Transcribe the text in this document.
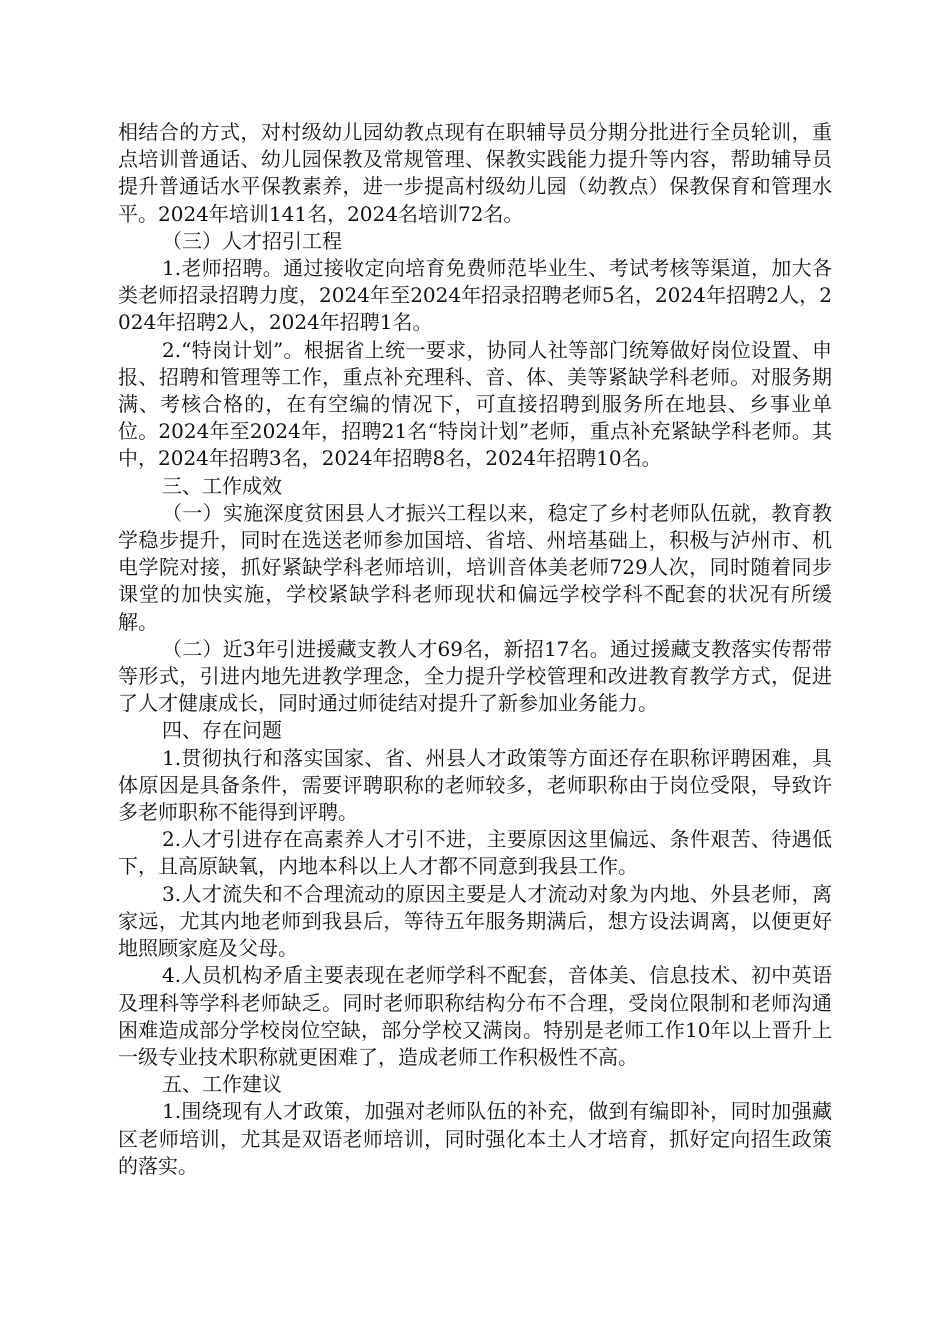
相结合的方式，对村级幼儿园幼教点现有在职辅导员分期分批进行全员轮训，重点培训普通话、幼儿园保教及常规管理、保教实践能力提升等内容，帮助辅导员提升普通话水平保教素养，进一步提高村级幼儿园（幼教点）保教保育和管理水平。2024年培训141名，2024名培训72名。

（三）人才招引工程

1.老师招聘。通过接收定向培育免费师范毕业生、考试考核等渠道，加大各类老师招录招聘力度，2024年至2024年招录招聘老师5名，2024年招聘2人，2024年招聘2人，2024年招聘1名。

2.“特岗计划”。根据省上统一要求，协同人社等部门统筹做好岗位设置、申报、招聘和管理等工作，重点补充理科、音、体、美等紧缺学科老师。对服务期满、考核合格的，在有空编的情况下，可直接招聘到服务所在地县、乡事业单位。2024年至2024年，招聘21名“特岗计划”老师，重点补充紧缺学科老师。其中，2024年招聘3名，2024年招聘8名，2024年招聘10名。

三、工作成效

（一）实施深度贫困县人才振兴工程以来，稳定了乡村老师队伍就，教育教学稳步提升，同时在选送老师参加国培、省培、州培基础上，积极与泸州市、机电学院对接，抓好紧缺学科老师培训，培训音体美老师729人次，同时随着同步课堂的加快实施，学校紧缺学科老师现状和偏远学校学科不配套的状况有所缓解。

（二）近3年引进援藏支教人才69名，新招17名。通过援藏支教落实传帮带等形式，引进内地先进教学理念，全力提升学校管理和改进教育教学方式，促进了人才健康成长，同时通过师徒结对提升了新参加业务能力。

四、存在问题

1.贯彻执行和落实国家、省、州县人才政策等方面还存在职称评聘困难，具体原因是具备条件，需要评聘职称的老师较多，老师职称由于岗位受限，导致许多老师职称不能得到评聘。

2.人才引进存在高素养人才引不进，主要原因这里偏远、条件艰苦、待遇低下，且高原缺氧，内地本科以上人才都不同意到我县工作。

3.人才流失和不合理流动的原因主要是人才流动对象为内地、外县老师，离家远，尤其内地老师到我县后，等待五年服务期满后，想方设法调离，以便更好地照顾家庭及父母。

4.人员机构矛盾主要表现在老师学科不配套，音体美、信息技术、初中英语及理科等学科老师缺乏。同时老师职称结构分布不合理，受岗位限制和老师沟通困难造成部分学校岗位空缺，部分学校又满岗。特别是老师工作10年以上晋升上一级专业技术职称就更困难了，造成老师工作积极性不高。

五、工作建议

1.围绕现有人才政策，加强对老师队伍的补充，做到有编即补，同时加强藏区老师培训，尤其是双语老师培训，同时强化本土人才培育，抓好定向招生政策的落实。
